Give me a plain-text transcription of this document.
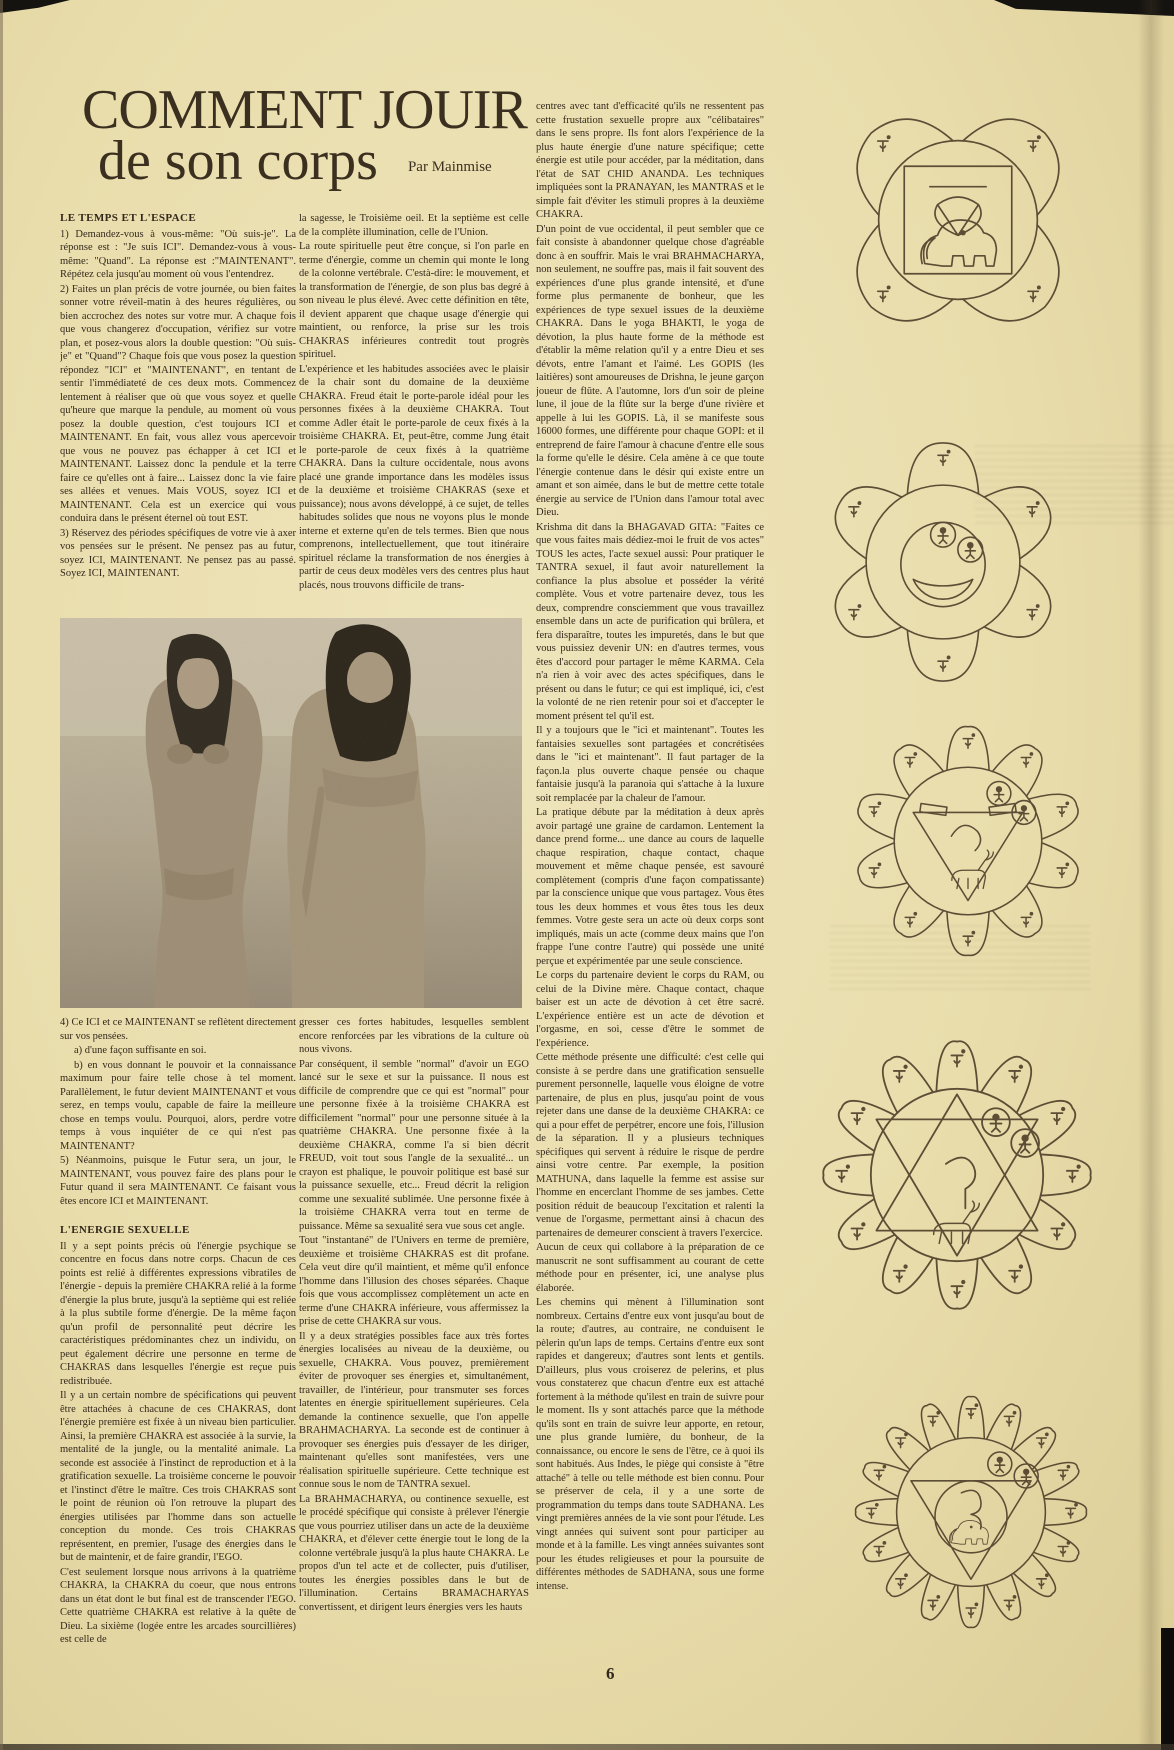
COMMENT JOUIR
de son corps Par Mainmise
LE TEMPS ET L'ESPACE

1) Demandez-vous à vous-même: "Où suis-je". La réponse est : "Je suis ICI". Demandez-vous à vous-même: "Quand". La réponse est :"MAINTENANT". Répétez cela jusqu'au moment où vous l'entendrez.

2) Faites un plan précis de votre journée, ou bien faites sonner votre réveil-matin à des heures régulières, ou bien accrochez des notes sur votre mur. A chaque fois que vous changerez d'occupation, vérifiez sur votre plan, et posez-vous alors la double question: "Où suis-je" et "Quand"? Chaque fois que vous posez la question répondez "ICI" et "MAINTENANT", en tentant de sentir l'immédiateté de ces deux mots. Commencez lentement à réaliser que où que vous soyez et quelle qu'heure que marque la pendule, au moment où vous posez la double question, c'est toujours ICI et MAINTENANT. En fait, vous allez vous apercevoir que vous ne pouvez pas échapper à cet ICI et MAINTENANT. Laissez donc la pendule et la terre faire ce qu'elles ont à faire... Laissez donc la vie faire ses allées et venues. Mais VOUS, soyez ICI et MAINTENANT. Cela est un exercice qui vous conduira dans le présent éternel où tout EST.

3) Réservez des périodes spécifiques de votre vie à axer vos pensées sur le présent. Ne pensez pas au futur, soyez ICI, MAINTENANT. Ne pensez pas au passé. Soyez ICI, MAINTENANT.

la sagesse, le Troisième oeil. Et la septième est celle de la complète illumination, celle de l'Union.

La route spirituelle peut être conçue, si l'on parle en terme d'énergie, comme un chemin qui monte le long de la colonne vertébrale. C'està-dire: le mouvement, et la transformation de l'énergie, de son plus bas degré à son niveau le plus élevé. Avec cette définition en tête, il devient apparent que chaque usage d'énergie qui maintient, ou renforce, la prise sur les trois CHAKRAS inférieures contredit tout progrès spirituel.

L'expérience et les habitudes associées avec le plaisir de la chair sont du domaine de la deuxième CHAKRA. Freud était le porte-parole idéal pour les personnes fixées à la deuxième CHAKRA. Tout comme Adler était le porte-parole de ceux fixés à la troisième CHAKRA. Et, peut-être, comme Jung était le porte-parole de ceux fixés à la quatrième CHAKRA. Dans la culture occidentale, nous avons placé une grande importance dans les modèles issus de la deuxième et troisième CHAKRAS (sexe et puissance); nous avons développé, à ce sujet, de telles habitudes solides que nous ne voyons plus le monde interne et externe qu'en de tels termes. Bien que nous comprenons, intellectuellement, que tout itinéraire spirituel réclame la transformation de nos énergies à partir de ceus deux modèles vers des centres plus haut placés, nous trouvons difficile de trans-

4) Ce ICI et ce MAINTENANT se reflètent directement sur vos pensées.

a) d'une façon suffisante en soi.

b) en vous donnant le pouvoir et la connaissance maximum pour faire telle chose à tel moment. Parallèlement, le futur devient MAINTENANT et vous serez, en temps voulu, capable de faire la meilleure chose en temps voulu. Pourquoi, alors, perdre votre temps à vous inquiéter de ce qui n'est pas MAINTENANT?

5) Néanmoins, puisque le Futur sera, un jour, le MAINTENANT, vous pouvez faire des plans pour le Futur quand il sera MAINTENANT. Ce faisant vous êtes encore ICI et MAINTENANT.

L'ENERGIE SEXUELLE

Il y a sept points précis où l'énergie psychique se concentre en focus dans notre corps. Chacun de ces points est relié à différentes expressions vibratiles de l'énergie - depuis la première CHAKRA relié à la forme d'énergie la plus brute, jusqu'à la septième qui est reliée à la plus subtile forme d'énergie. De la même façon qu'un profil de personnalité peut décrire les caractéristiques prédominantes chez un individu, on peut également décrire une personne en terme de CHAKRAS dans lesquelles l'énergie est reçue puis redistribuée.

Il y a un certain nombre de spécifications qui peuvent être attachées à chacune de ces CHAKRAS, dont l'énergie première est fixée à un niveau bien particulier. Ainsi, la première CHAKRA est associée à la survie, la mentalité de la jungle, ou la mentalité animale. La seconde est associée à l'instinct de reproduction et à la gratification sexuelle. La troisième concerne le pouvoir et l'instinct d'être le maître. Ces trois CHAKRAS sont le point de réunion où l'on retrouve la plupart des énergies utilisées par l'homme dans son actuelle conception du monde. Ces trois CHAKRAS représentent, en premier, l'usage des énergies dans le but de maintenir, et de faire grandir, l'EGO.

C'est seulement lorsque nous arrivons à la quatrième CHAKRA, la CHAKRA du coeur, que nous entrons dans un état dont le but final est de transcender l'EGO. Cette quatrième CHAKRA est relative à la quête de Dieu. La sixième (logée entre les arcades sourcillières) est celle de

gresser ces fortes habitudes, lesquelles semblent encore renforcées par les vibrations de la culture où nous vivons.

Par conséquent, il semble "normal" d'avoir un EGO lancé sur le sexe et sur la puissance. Il nous est difficile de comprendre que ce qui est "normal" pour une personne fixée à la troisième CHAKRA est difficilement "normal" pour une personne située à la quatrième CHAKRA. Une personne fixée à la deuxième CHAKRA, comme l'a si bien décrit FREUD, voit tout sous l'angle de la sexualité... un crayon est phalique, le pouvoir politique est basé sur la puissance sexuelle, etc... Freud décrit la religion comme une sexualité sublimée. Une personne fixée à la troisième CHAKRA verra tout en terme de puissance. Même sa sexualité sera vue sous cet angle.

Tout "instantané" de l'Univers en terme de première, deuxième et troisième CHAKRAS est dit profane. Cela veut dire qu'il maintient, et même qu'il enfonce l'homme dans l'illusion des choses séparées. Chaque fois que vous accomplissez complètement un acte en terme d'une CHAKRA inférieure, vous affermissez la prise de cette CHAKRA sur vous.

Il y a deux stratégies possibles face aux très fortes énergies localisées au niveau de la deuxième, ou sexuelle, CHAKRA. Vous pouvez, premièrement éviter de provoquer ses énergies et, simultanément, travailler, de l'intérieur, pour transmuter ses forces latentes en énergie spirituellement supérieures. Cela demande la continence sexuelle, que l'on appelle BRAHMACHARYA. La seconde est de continuer à provoquer ses énergies puis d'essayer de les diriger, maintenant qu'elles sont manifestées, vers une réalisation spirituelle supérieure. Cette technique est connue sous le nom de TANTRA sexuel.

La BRAHMACHARYA, ou continence sexuelle, est le procédé spécifique qui consiste à prélever l'énergie que vous pourriez utiliser dans un acte de la deuxième CHAKRA, et d'élever cette énergie tout le long de la colonne vertébrale jusqu'à la plus haute CHAKRA. Le propos d'un tel acte et de collecter, puis d'utiliser, toutes les énergies possibles dans le but de l'illumination. Certains BRAMACHARYAS convertissent, et dirigent leurs énergies vers les hauts

centres avec tant d'efficacité qu'ils ne ressentent pas cette frustation sexuelle propre aux "célibataires" dans le sens propre. Ils font alors l'expérience de la plus haute énergie d'une nature spécifique; cette énergie est utile pour accéder, par la méditation, dans l'état de SAT CHID ANANDA. Les techniques impliquées sont la PRANAYAN, les MANTRAS et le simple fait d'éviter les stimuli propres à la deuxième CHAKRA.

D'un point de vue occidental, il peut sembler que ce fait consiste à abandonner quelque chose d'agréable donc à en souffrir. Mais le vrai BRAHMACHARYA, non seulement, ne souffre pas, mais il fait souvent des expériences d'une plus grande intensité, et d'une forme plus permanente de bonheur, que les expériences de type sexuel issues de la deuxième CHAKRA. Dans le yoga BHAKTI, le yoga de dévotion, la plus haute forme de la méthode est d'établir la même relation qu'il y a entre Dieu et ses dévots, entre l'amant et l'aimé. Les GOPIS (les laitières) sont amoureuses de Drishna, le jeune garçon joueur de flûte. A l'automne, lors d'un soir de pleine lune, il joue de la flûte sur la berge d'une rivière et appelle à lui les GOPIS. Là, il se manifeste sous 16000 formes, une différente pour chaque GOPI: et il entreprend de faire l'amour à chacune d'entre elle sous la forme qu'elle le désire. Cela amène à ce que toute l'énergie contenue dans le désir qui existe entre un amant et son aimée, dans le but de mettre cette totale énergie au service de l'Union dans l'amour total avec Dieu.

Krishma dit dans la BHAGAVAD GITA: "Faites ce que vous faites mais dédiez-moi le fruit de vos actes" TOUS les actes, l'acte sexuel aussi: Pour pratiquer le TANTRA sexuel, il faut avoir naturellement la confiance la plus absolue et posséder la vérité complète. Vous et votre partenaire devez, tous les deux, comprendre consciemment que vous travaillez ensemble dans un acte de purification qui brûlera, et fera disparaître, toutes les impuretés, dans le but que vous puissiez devenir UN: en d'autres termes, vous êtes d'accord pour partager le même KARMA. Cela n'a rien à voir avec des actes spécifiques, dans le présent ou dans le futur; ce qui est impliqué, ici, c'est la volonté de ne rien retenir pour soi et d'accepter le moment présent tel qu'il est.

Il y a toujours que le "ici et maintenant". Toutes les fantaisies sexuelles sont partagées et concrétisées dans le "ici et maintenant". Il faut partager de la façon.la plus ouverte chaque pensée ou chaque fantaisie jusqu'à la paranoia qui s'attache à la luxure soit remplacée par la chaleur de l'amour.

La pratique débute par la méditation à deux après avoir partagé une graine de cardamon. Lentement la dance prend forme... une dance au cours de laquelle chaque respiration, chaque contact, chaque mouvement et même chaque pensée, est savouré complètement (compris d'une façon compatissante) par la conscience unique que vous partagez. Vous êtes tous les deux hommes et vous êtes tous les deux femmes. Votre geste sera un acte où deux corps sont impliqués, mais un acte (comme deux mains que l'on frappe l'une contre l'autre) qui possède une unité perçue et expérimentée par une seule conscience.

Le corps du partenaire devient le corps du RAM, ou celui de la Divine mère. Chaque contact, chaque baiser est un acte de dévotion à cet être sacré. L'expérience entière est un acte de dévotion et l'orgasme, en soi, cesse d'être le sommet de l'expérience.

Cette méthode présente une difficulté: c'est celle qui consiste à se perdre dans une gratification sensuelle purement personnelle, laquelle vous éloigne de votre partenaire, de plus en plus, jusqu'au point de vous rejeter dans une danse de la deuxième CHAKRA: ce qui a pour effet de perpétrer, encore une fois, l'illusion de la séparation. Il y a plusieurs techniques spécifiques qui servent à réduire le risque de perdre ainsi votre centre. Par exemple, la position MATHUNA, dans laquelle la femme est assise sur l'homme en encerclant l'homme de ses jambes. Cette position réduit de beaucoup l'excitation et ralenti la venue de l'orgasme, permettant ainsi à chacun des partenaires de demeurer conscient à travers l'exercice.

Aucun de ceux qui collabore à la préparation de ce manuscrit ne sont suffisamment au courant de cette méthode pour en présenter, ici, une analyse plus élaborée.

Les chemins qui mènent à l'illumination sont nombreux. Certains d'entre eux vont jusqu'au bout de la route; d'autres, au contraire, ne conduisent le pèlerin qu'un laps de temps. Certains d'entre eux sont rapides et dangereux; d'autres sont lents et gentils. D'ailleurs, plus vous croiserez de pelerins, et plus vous constaterez que chacun d'entre eux est attaché fortement à la méthode qu'ilest en train de suivre pour le moment. Ils y sont attachés parce que la méthode qu'ils sont en train de suivre leur apporte, en retour, une plus grande lumière, du bonheur, de la connaissance, ou encore le sens de l'être, ce à quoi ils sont habitués. Aus Indes, le piège qui consiste à "être attaché" à telle ou telle méthode est bien connu. Pour se préserver de cela, il y a une sorte de programmation du temps dans toute SADHANA. Les vingt premières années de la vie sont pour l'étude. Les vingt années qui suivent sont pour participer au monde et à la famille. Les vingt années suivantes sont pour les études religieuses et pour la poursuite de différentes méthodes de SADHANA, sous une forme intense.

6
